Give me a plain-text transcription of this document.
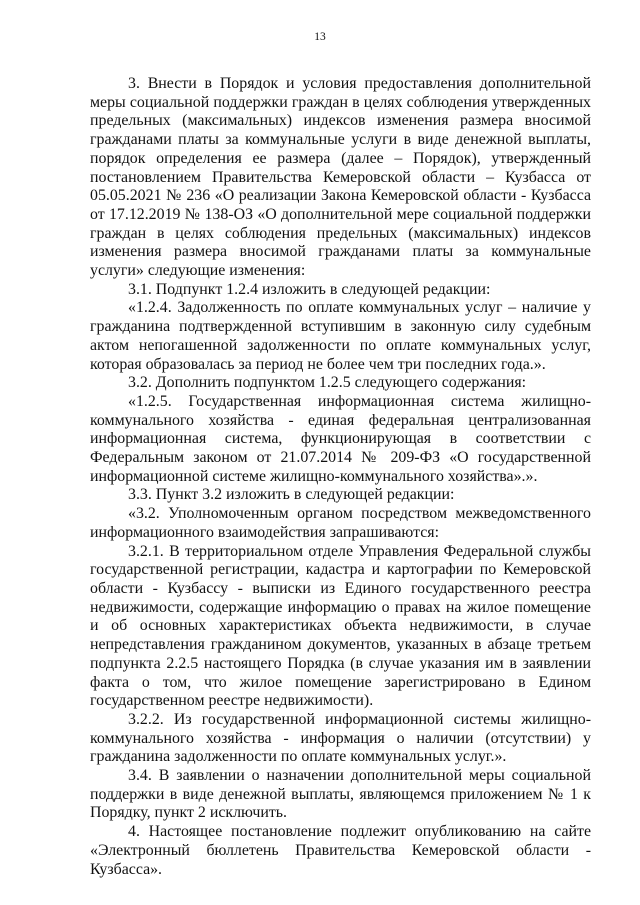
13

3. Внести в Порядок и условия предоставления дополнительной меры социальной поддержки граждан в целях соблюдения утвержденных предельных (максимальных) индексов изменения размера вносимой гражданами платы за коммунальные услуги в виде денежной выплаты, порядок определения ее размера (далее – Порядок), утвержденный постановлением Правительства Кемеровской области – Кузбасса от 05.05.2021 № 236 «О реализации Закона Кемеровской области - Кузбасса от 17.12.2019 № 138-ОЗ «О дополнительной мере социальной поддержки граждан в целях соблюдения предельных (максимальных) индексов изменения размера вносимой гражданами платы за коммунальные услуги» следующие изменения:

3.1. Подпункт 1.2.4 изложить в следующей редакции:

«1.2.4. Задолженность по оплате коммунальных услуг – наличие у гражданина подтвержденной вступившим в законную силу судебным актом непогашенной задолженности по оплате коммунальных услуг, которая образовалась за период не более чем три последних года.».

3.2. Дополнить подпунктом 1.2.5 следующего содержания:

«1.2.5. Государственная информационная система жилищно-коммунального хозяйства - единая федеральная централизованная информационная система, функционирующая в соответствии с Федеральным законом от 21.07.2014 № 209-ФЗ «О государственной информационной системе жилищно-коммунального хозяйства».».

3.3. Пункт 3.2 изложить в следующей редакции:

«3.2. Уполномоченным органом посредством межведомственного информационного взаимодействия запрашиваются:

3.2.1. В территориальном отделе Управления Федеральной службы государственной регистрации, кадастра и картографии по Кемеровской области - Кузбассу - выписки из Единого государственного реестра недвижимости, содержащие информацию о правах на жилое помещение и об основных характеристиках объекта недвижимости, в случае непредставления гражданином документов, указанных в абзаце третьем подпункта 2.2.5 настоящего Порядка (в случае указания им в заявлении факта о том, что жилое помещение зарегистрировано в Едином государственном реестре недвижимости).

3.2.2. Из государственной информационной системы жилищно-коммунального хозяйства - информация о наличии (отсутствии) у гражданина задолженности по оплате коммунальных услуг.».

3.4. В заявлении о назначении дополнительной меры социальной поддержки в виде денежной выплаты, являющемся приложением № 1 к Порядку, пункт 2 исключить.

4. Настоящее постановление подлежит опубликованию на сайте «Электронный бюллетень Правительства Кемеровской области - Кузбасса».
